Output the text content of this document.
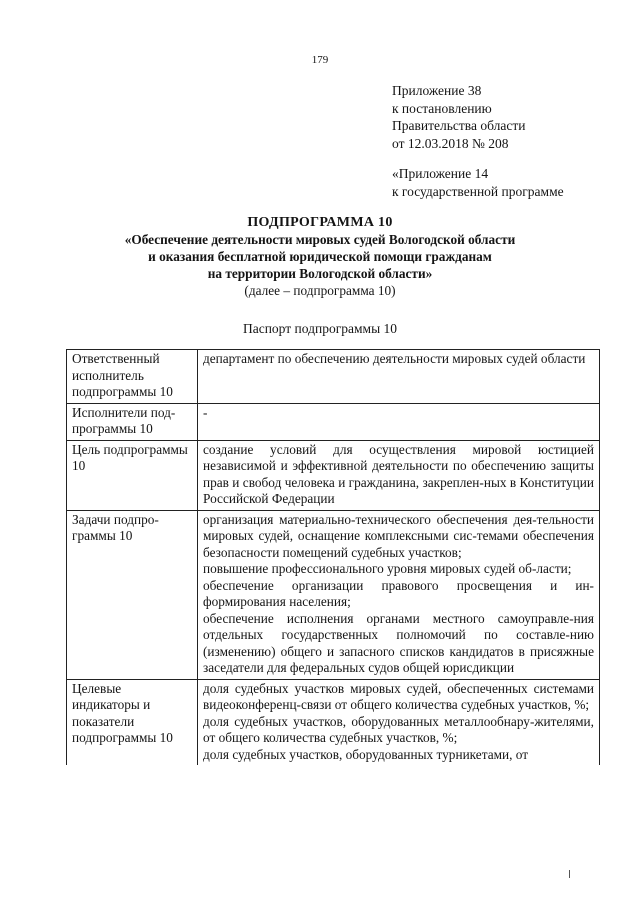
179
Приложение 38
к постановлению
Правительства области
от 12.03.2018 № 208
«Приложение 14
к государственной программе
ПОДПРОГРАММА 10
«Обеспечение деятельности мировых судей Вологодской области
и оказания бесплатной юридической помощи гражданам
на территории Вологодской области»
(далее – подпрограмма 10)
Паспорт подпрограммы 10
Ответственный исполнитель подпрограммы 10	департамент по обеспечению деятельности мировых судей области
Исполнители под-программы 10	-
Цель подпрограммы 10	создание условий для осуществления мировой юстицией независимой и эффективной деятельности по обеспечению защиты прав и свобод человека и гражданина, закреплен-ных в Конституции Российской Федерации
Задачи подпро-граммы 10	организация материально-технического обеспечения дея-тельности мировых судей, оснащение комплексными сис-темами обеспечения безопасности помещений судебных участков;
повышение профессионального уровня мировых судей об-ласти;
обеспечение организации правового просвещения и ин-формирования населения;
обеспечение исполнения органами местного самоуправле-ния отдельных государственных полномочий по составле-нию (изменению) общего и запасного списков кандидатов в присяжные заседатели для федеральных судов общей юрисдикции

Целевые индикаторы и показатели подпрограммы 10	доля судебных участков мировых судей, обеспеченных системами видеоконференц-связи от общего количества судебных участков, %;
доля судебных участков, оборудованных металлообнару-жителями, от общего количества судебных участков, %;
доля судебных участков, оборудованных турникетами, от
